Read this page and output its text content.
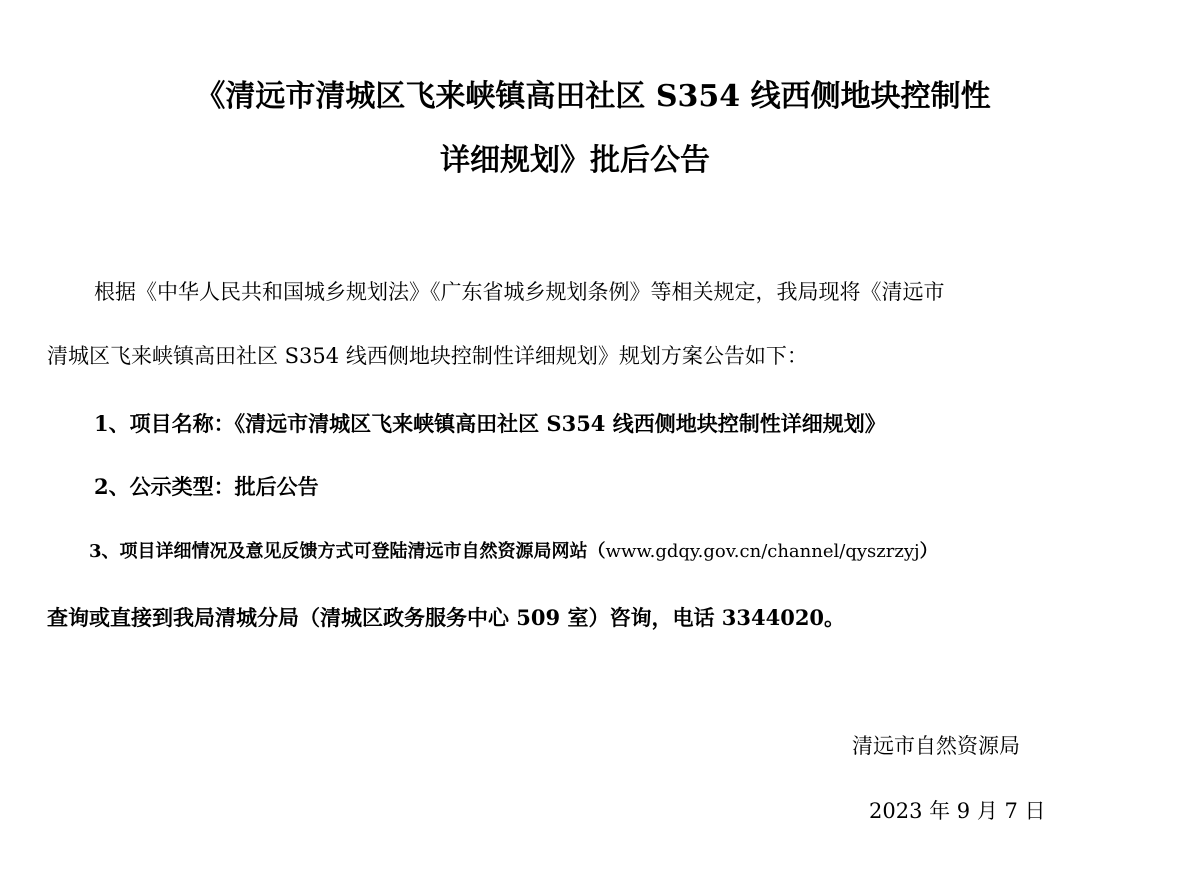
《清远市清城区飞来峡镇高田社区 S354 线西侧地块控制性
详细规划》批后公告

根据《中华人民共和国城乡规划法》《广东省城乡规划条例》等相关规定，我局现将《清远市

清城区飞来峡镇高田社区 S354 线西侧地块控制性详细规划》规划方案公告如下：

1、项目名称：《清远市清城区飞来峡镇高田社区 S354 线西侧地块控制性详细规划》

2、公示类型：批后公告

3、项目详细情况及意见反馈方式可登陆清远市自然资源局网站（www.gdqy.gov.cn/channel/qyszrzyj）

查询或直接到我局清城分局（清城区政务服务中心 509 室）咨询，电话 3344020。

清远市自然资源局

2023 年 9 月 7 日
